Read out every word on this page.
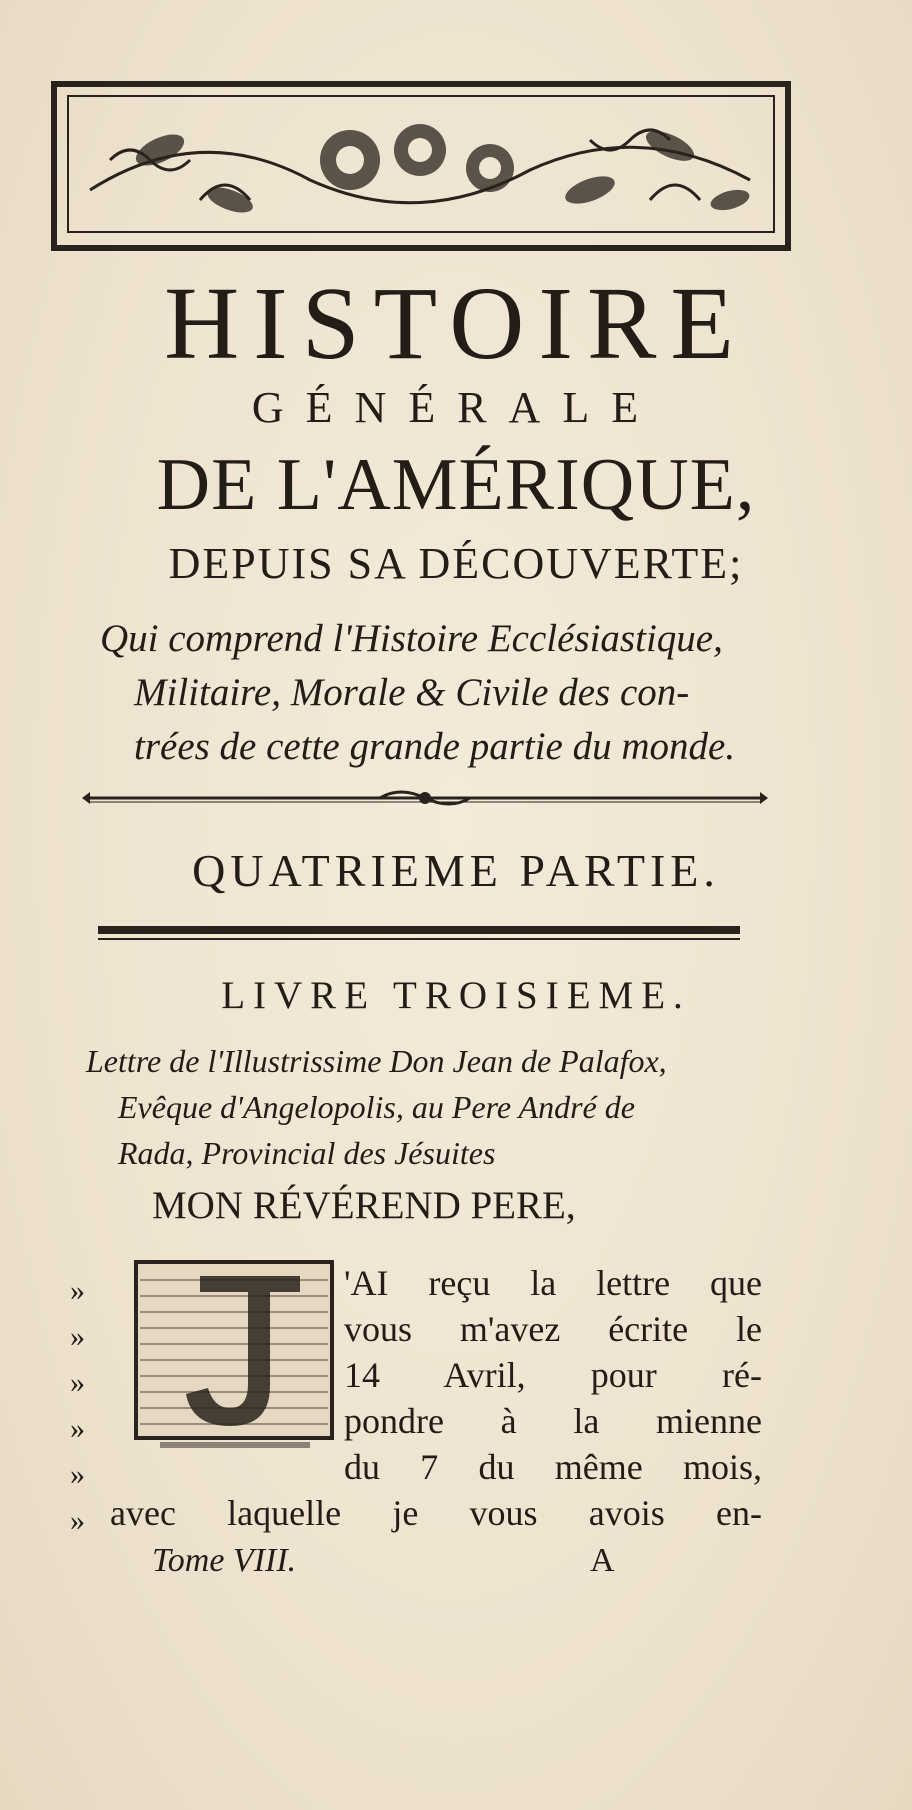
HISTOIRE
GÉNÉRALE
DE L'AMÉRIQUE,
DEPUIS SA DÉCOUVERTE;
Qui comprend l'Histoire Ecclésiastique,
Militaire, Morale & Civile des con-
trées de cette grande partie du monde.
QUATRIEME PARTIE.
LIVRE TROISIEME.
Lettre de l'Illustrissime Don Jean de Palafox,
Evêque d'Angelopolis, au Pere André de
Rada, Provincial des Jésuites
MON RÉVÉREND PERE,
»
»
»
»
»
»
'AI reçu la lettre que
vous m'avez écrite le
14 Avril, pour ré-
pondre à la mienne
du 7 du même mois,
avec laquelle je vous avois en-
Tome VIII.	A
